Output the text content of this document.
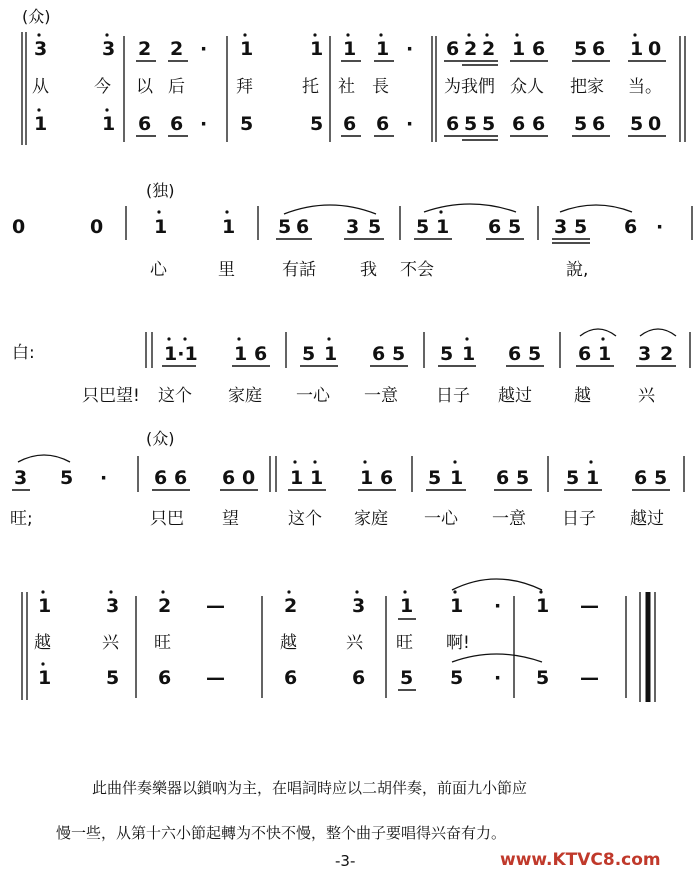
(众)
3	3 2 2 · 1	1 1 1 · 6 2 2 1 6 5 6 1 0
从	今 以 后	拜	托 社 長	为我們 众人 把家 当。
1	1 6 6 · 5	5 6 6 · 6 5 5 6 6 5 6 5 0
(独)
0	0	1	1 5 6 3 5 5 1 6 5 3 5 6 ·
心	里	有話	我 不会	說,
白:	1·1 1 6 5 1 6 5 5 1 6 5 6 1 3 2
只巴望! 这个 家庭 一心 一意 日子 越过 越	兴
(众)
3 5 · 6 6 6 0 1 1 1 6 5 1 6 5 5 1 6 5
旺;	只巴 望	这个 家庭 一心 一意 日子 越过
1	3 2 —	2	3 1 1 · 1 —
越	兴 旺	越	兴 旺 啊!
1	5 6 —	6	6 5 5 · 5 —
此曲伴奏樂器以鎖吶为主，在唱詞時应以二胡伴奏，前面九小節应
慢一些，从第十六小節起轉为不快不慢，整个曲子要唱得兴奋有力。
-3-	www.KTVC8.com
